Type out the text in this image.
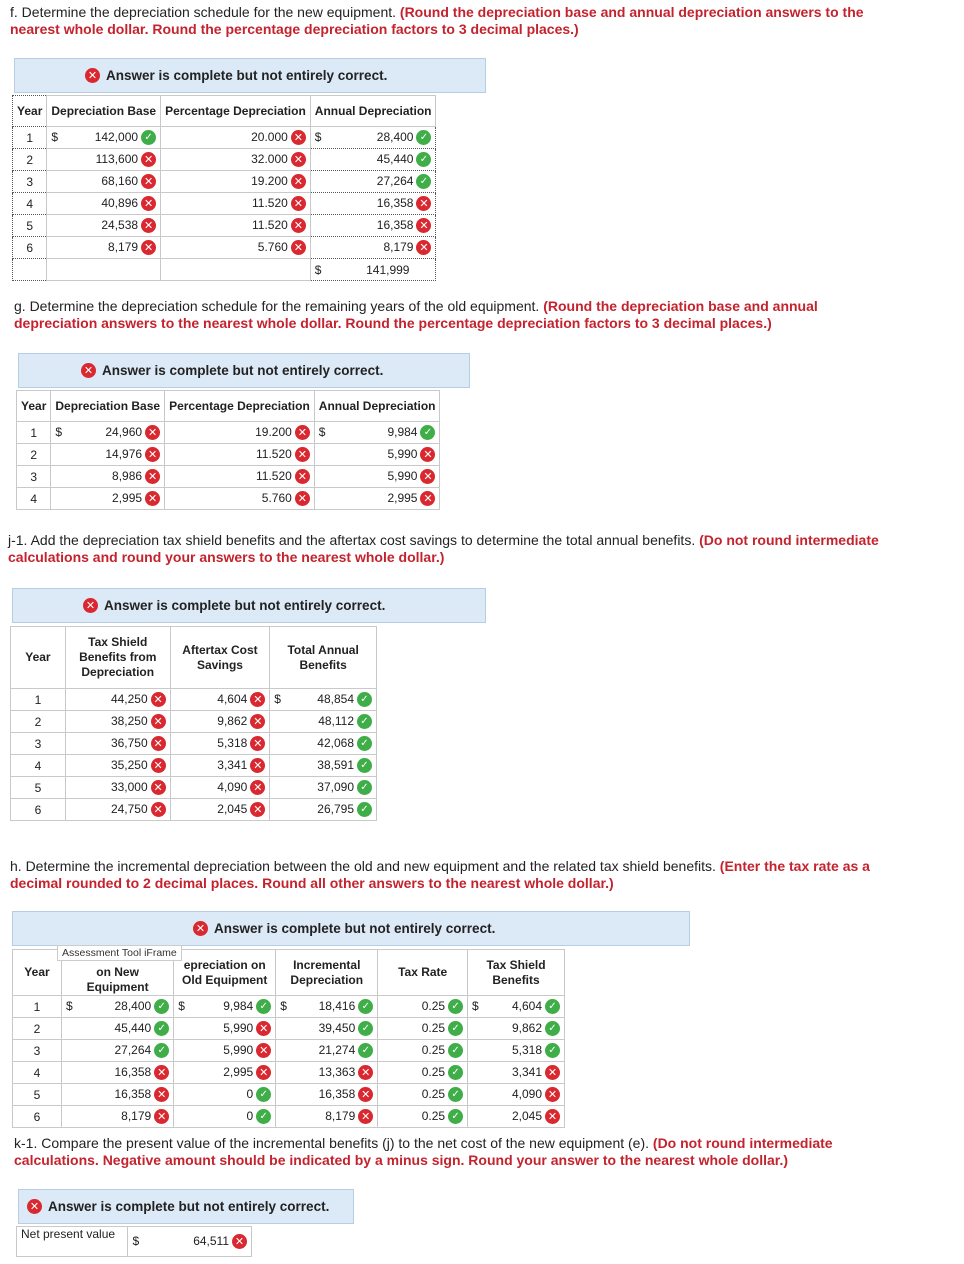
f. Determine the depreciation schedule for the new equipment. (Round the depreciation base and annual depreciation answers to the nearest whole dollar. Round the percentage depreciation factors to 3 decimal places.)
✕ Answer is complete but not entirely correct.
Year	Depreciation Base	Percentage Depreciation	Annual Depreciation
1	$ 142,000 ✓	20.000 ✕	$ 28,400 ✓
2	113,600 ✕	32.000 ✕	45,440 ✓
3	68,160 ✕	19.200 ✕	27,264 ✓
4	40,896 ✕	11.520 ✕	16,358 ✕
5	24,538 ✕	11.520 ✕	16,358 ✕
6	8,179 ✕	5.760 ✕	8,179 ✕

			$ 141,999
g. Determine the depreciation schedule for the remaining years of the old equipment. (Round the depreciation base and annual depreciation answers to the nearest whole dollar. Round the percentage depreciation factors to 3 decimal places.)
✕ Answer is complete but not entirely correct.
Year	Depreciation Base	Percentage Depreciation	Annual Depreciation
1	$ 24,960 ✕	19.200 ✕	$ 9,984 ✓
2	14,976 ✕	11.520 ✕	5,990 ✕
3	8,986 ✕	11.520 ✕	5,990 ✕
4	2,995 ✕	5.760 ✕	2,995 ✕
j-1. Add the depreciation tax shield benefits and the aftertax cost savings to determine the total annual benefits. (Do not round intermediate calculations and round your answers to the nearest whole dollar.)
✕ Answer is complete but not entirely correct.
Year	Tax Shield Benefits from Depreciation	Aftertax Cost Savings	Total Annual Benefits
1	44,250 ✕	4,604 ✕	$ 48,854 ✓
2	38,250 ✕	9,862 ✕	48,112 ✓
3	36,750 ✕	5,318 ✕	42,068 ✓
4	35,250 ✕	3,341 ✕	38,591 ✓
5	33,000 ✕	4,090 ✕	37,090 ✓
6	24,750 ✕	2,045 ✕	26,795 ✓
h. Determine the incremental depreciation between the old and new equipment and the related tax shield benefits. (Enter the tax rate as a decimal rounded to 2 decimal places. Round all other answers to the nearest whole dollar.)
✕ Answer is complete but not entirely correct.
Year	on New Equipment	epreciation on Old Equipment	Incremental Depreciation	Tax Rate	Tax Shield Benefits
1	$ 28,400 ✓	$ 9,984 ✓	$ 18,416 ✓	0.25 ✓	$ 4,604 ✓
2	45,440 ✓	5,990 ✕	39,450 ✓	0.25 ✓	9,862 ✓
3	27,264 ✓	5,990 ✕	21,274 ✓	0.25 ✓	5,318 ✓
4	16,358 ✕	2,995 ✕	13,363 ✕	0.25 ✓	3,341 ✕
5	16,358 ✕	0 ✓	16,358 ✕	0.25 ✓	4,090 ✕
6	8,179 ✕	0 ✓	8,179 ✕	0.25 ✓	2,045 ✕
Assessment Tool iFrame
k-1. Compare the present value of the incremental benefits (j) to the net cost of the new equipment (e). (Do not round intermediate calculations. Negative amount should be indicated by a minus sign. Round your answer to the nearest whole dollar.)
✕ Answer is complete but not entirely correct.
Net present value	$	64,511 ✕
